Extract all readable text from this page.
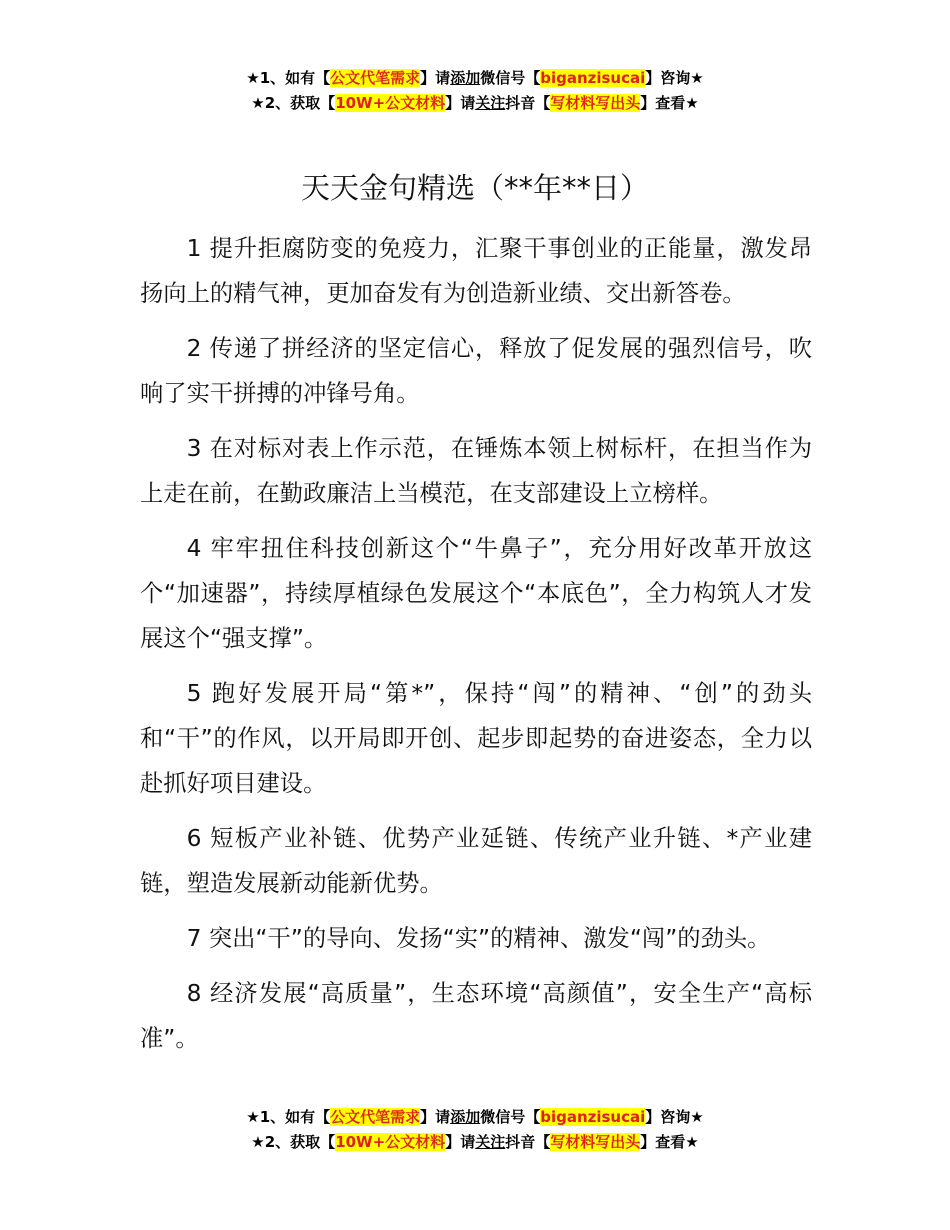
★1、如有【公文代笔需求】请添加微信号【biganzisucai】咨询★
★2、获取【10W+公文材料】请关注抖音【写材料写出头】查看★
天天金句精选（**年**日）

1 提升拒腐防变的免疫力，汇聚干事创业的正能量，激发昂扬向上的精气神，更加奋发有为创造新业绩、交出新答卷。

2 传递了拼经济的坚定信心，释放了促发展的强烈信号，吹响了实干拼搏的冲锋号角。

3 在对标对表上作示范，在锤炼本领上树标杆，在担当作为上走在前，在勤政廉洁上当模范，在支部建设上立榜样。

4 牢牢扭住科技创新这个“牛鼻子”，充分用好改革开放这个“加速器”，持续厚植绿色发展这个“本底色”，全力构筑人才发展这个“强支撑”。

5 跑好发展开局“第*”，保持“闯”的精神、“创”的劲头和“干”的作风，以开局即开创、起步即起势的奋进姿态，全力以赴抓好项目建设。

6 短板产业补链、优势产业延链、传统产业升链、*产业建链，塑造发展新动能新优势。

7 突出“干”的导向、发扬“实”的精神、激发“闯”的劲头。

8 经济发展“高质量”，生态环境“高颜值”，安全生产“高标准”。

★1、如有【公文代笔需求】请添加微信号【biganzisucai】咨询★
★2、获取【10W+公文材料】请关注抖音【写材料写出头】查看★
